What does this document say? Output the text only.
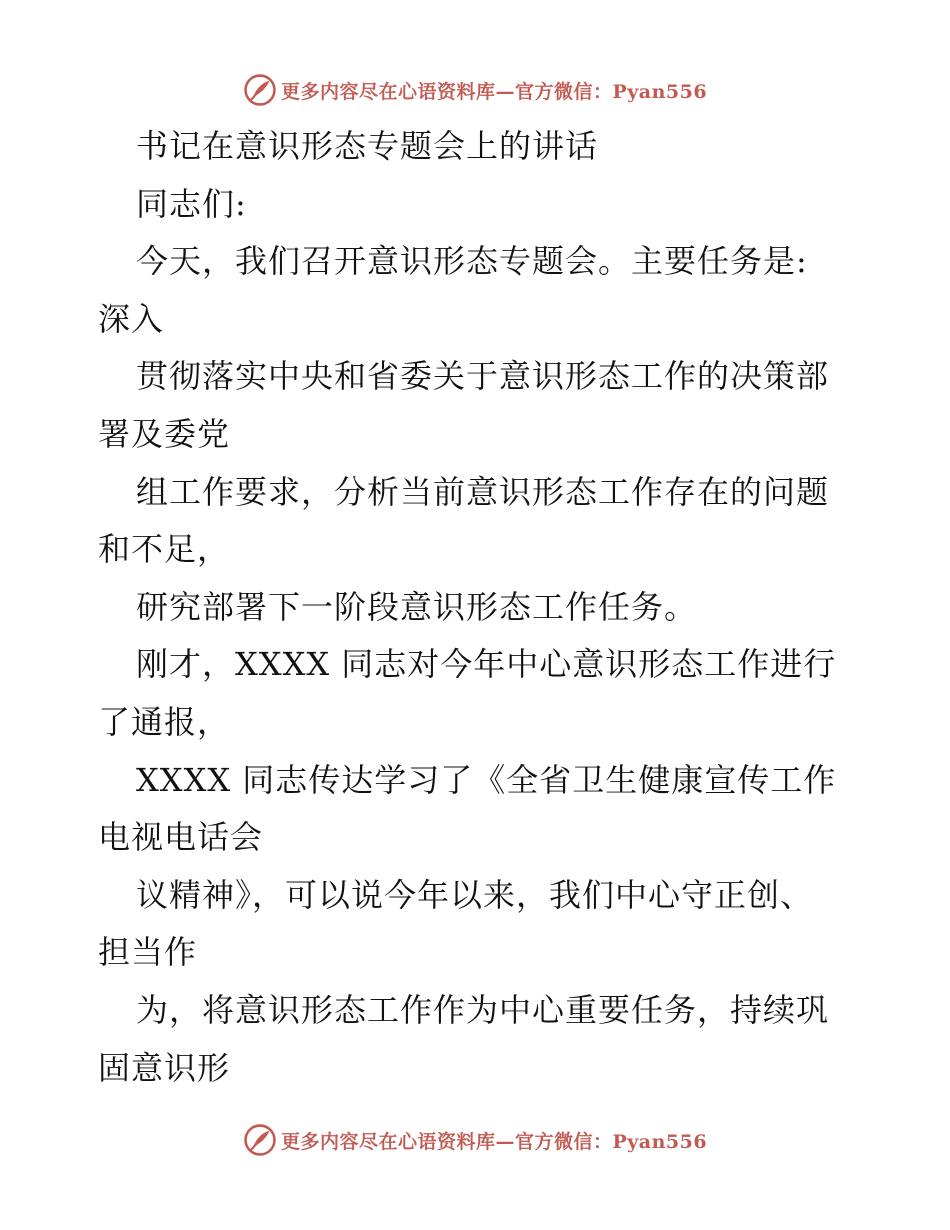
更多内容尽在心语资料库—官方微信：Pyan556
书记在意识形态专题会上的讲话
同志们:
今天，我们召开意识形态专题会。主要任务是:
深入
贯彻落实中央和省委关于意识形态工作的决策部
署及委党
组工作要求，分析当前意识形态工作存在的问题
和不足，
研究部署下一阶段意识形态工作任务。
刚才，XXXX 同志对今年中心意识形态工作进行
了通报，
XXXX 同志传达学习了《全省卫生健康宣传工作
电视电话会
议精神》，可以说今年以来，我们中心守正创、
担当作
为，将意识形态工作作为中心重要任务，持续巩
固意识形
更多内容尽在心语资料库—官方微信：Pyan556
